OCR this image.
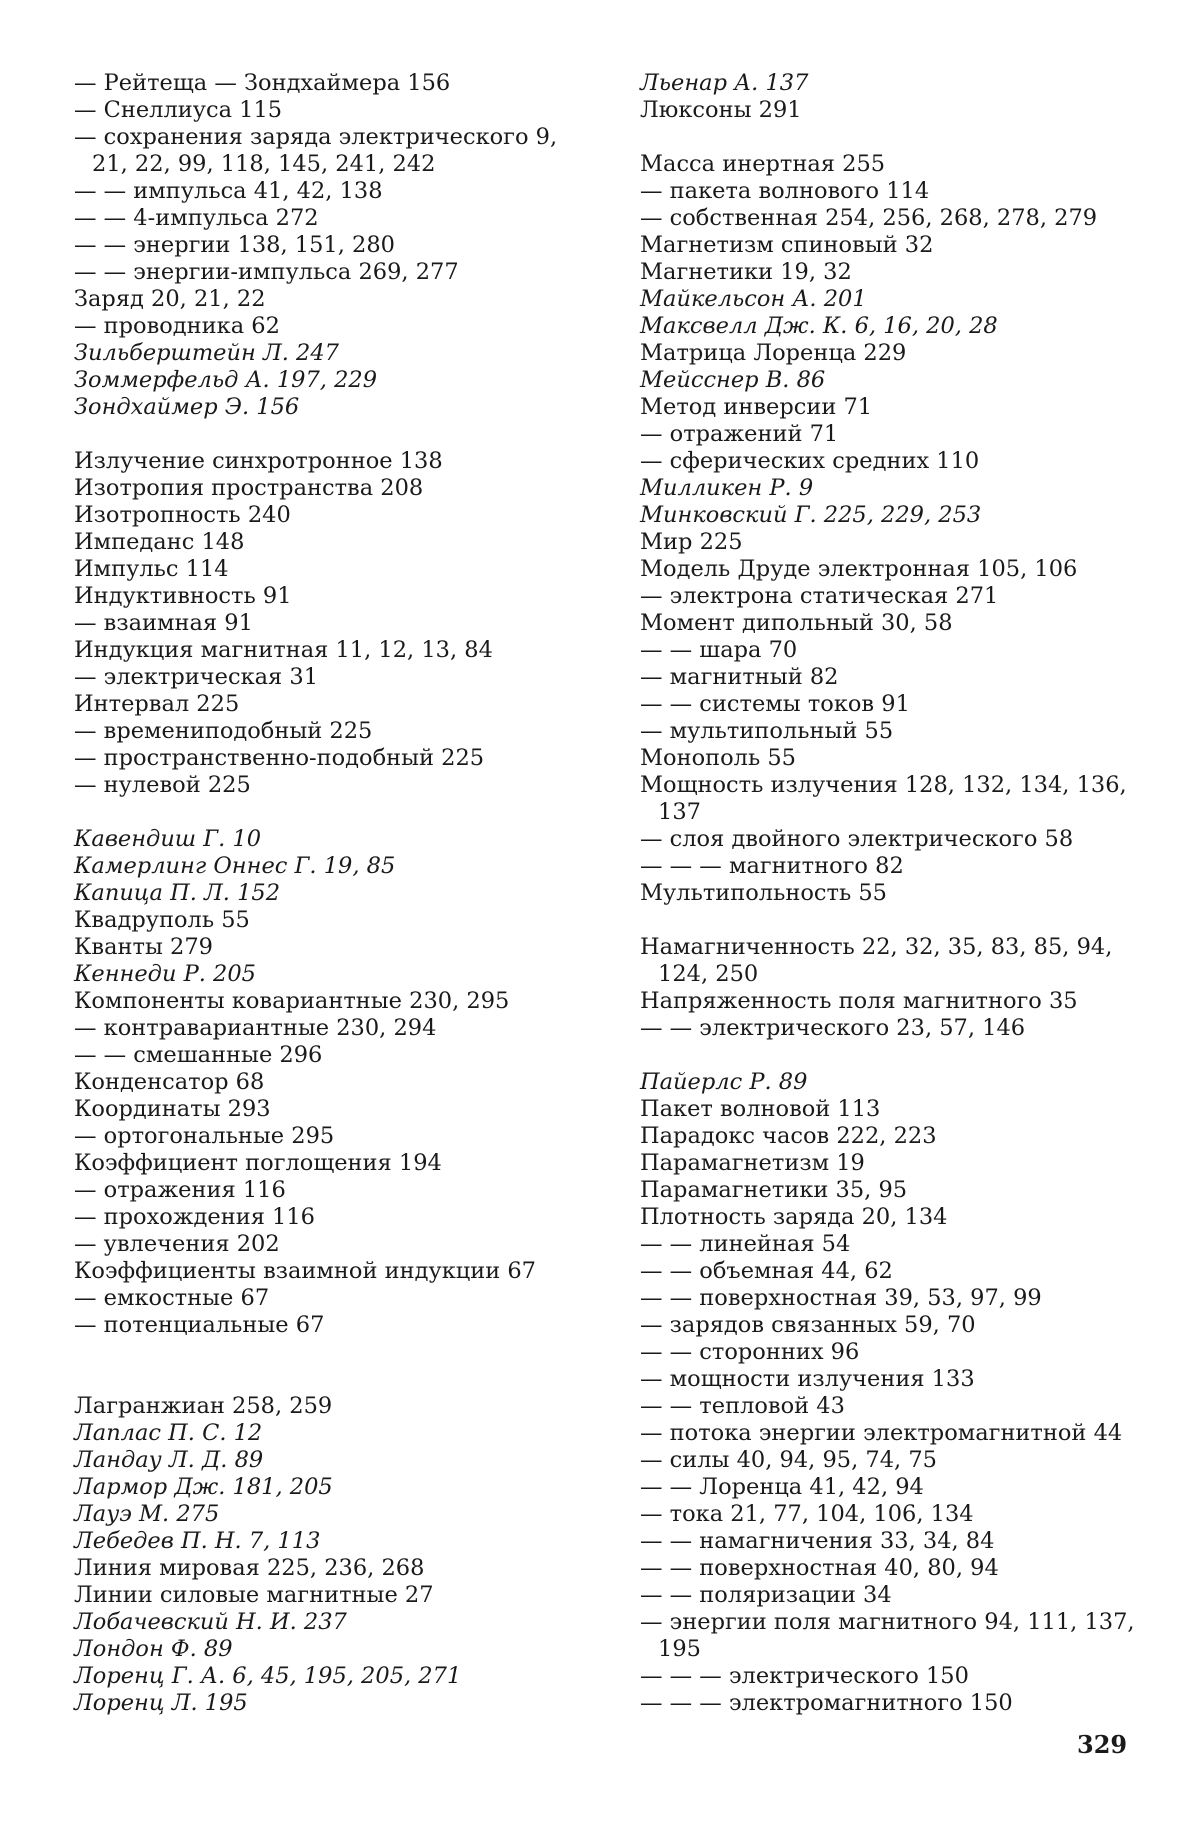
— Рейтеща — Зондхаймера 156

— Снеллиуса 115

— сохранения заряда электрического 9, 21, 22, 99, 118, 145, 241, 242

— — импульса 41, 42, 138

— — 4-импульса 272

— — энергии 138, 151, 280

— — энергии-импульса 269, 277

Заряд 20, 21, 22

— проводника 62

Зильберштейн Л. 247

Зоммерфельд А. 197, 229

Зондхаймер Э. 156

Излучение синхротронное 138

Изотропия пространства 208

Изотропность 240

Импеданс 148

Импульс 114

Индуктивность 91

— взаимная 91

Индукция магнитная 11, 12, 13, 84

— электрическая 31

Интервал 225

— времениподобный 225

— пространственно-подобный 225

— нулевой 225

Кавендиш Г. 10

Камерлинг Оннес Г. 19, 85

Капица П. Л. 152

Квадруполь 55

Кванты 279

Кеннеди Р. 205

Компоненты ковариантные 230, 295

— контравариантные 230, 294

— — смешанные 296

Конденсатор 68

Координаты 293

— ортогональные 295

Коэффициент поглощения 194

— отражения 116

— прохождения 116

— увлечения 202

Коэффициенты взаимной индукции 67

— емкостные 67

— потенциальные 67

Лагранжиан 258, 259

Лаплас П. С. 12

Ландау Л. Д. 89

Лармор Дж. 181, 205

Лауэ М. 275

Лебедев П. Н. 7, 113

Линия мировая 225, 236, 268

Линии силовые магнитные 27

Лобачевский Н. И. 237

Лондон Ф. 89

Лоренц Г. А. 6, 45, 195, 205, 271

Лоренц Л. 195

Льенар А. 137

Люксоны 291

Масса инертная 255

— пакета волнового 114

— собственная 254, 256, 268, 278, 279

Магнетизм спиновый 32

Магнетики 19, 32

Майкельсон А. 201

Максвелл Дж. К. 6, 16, 20, 28

Матрица Лоренца 229

Мейсснер В. 86

Метод инверсии 71

— отражений 71

— сферических средних 110

Милликен Р. 9

Минковский Г. 225, 229, 253

Мир 225

Модель Друде электронная 105, 106

— электрона статическая 271

Момент дипольный 30, 58

— — шара 70

— магнитный 82

— — системы токов 91

— мультипольный 55

Монополь 55

Мощность излучения 128, 132, 134, 136, 137

— слоя двойного электрического 58

— — — магнитного 82

Мультипольность 55

Намагниченность 22, 32, 35, 83, 85, 94, 124, 250

Напряженность поля магнитного 35

— — электрического 23, 57, 146

Пайерлс Р. 89

Пакет волновой 113

Парадокс часов 222, 223

Парамагнетизм 19

Парамагнетики 35, 95

Плотность заряда 20, 134

— — линейная 54

— — объемная 44, 62

— — поверхностная 39, 53, 97, 99

— зарядов связанных 59, 70

— — сторонних 96

— мощности излучения 133

— — тепловой 43

— потока энергии электромагнитной 44

— силы 40, 94, 95, 74, 75

— — Лоренца 41, 42, 94

— тока 21, 77, 104, 106, 134

— — намагничения 33, 34, 84

— — поверхностная 40, 80, 94

— — поляризации 34

— энергии поля магнитного 94, 111, 137, 195

— — — электрического 150

— — — электромагнитного 150

329
